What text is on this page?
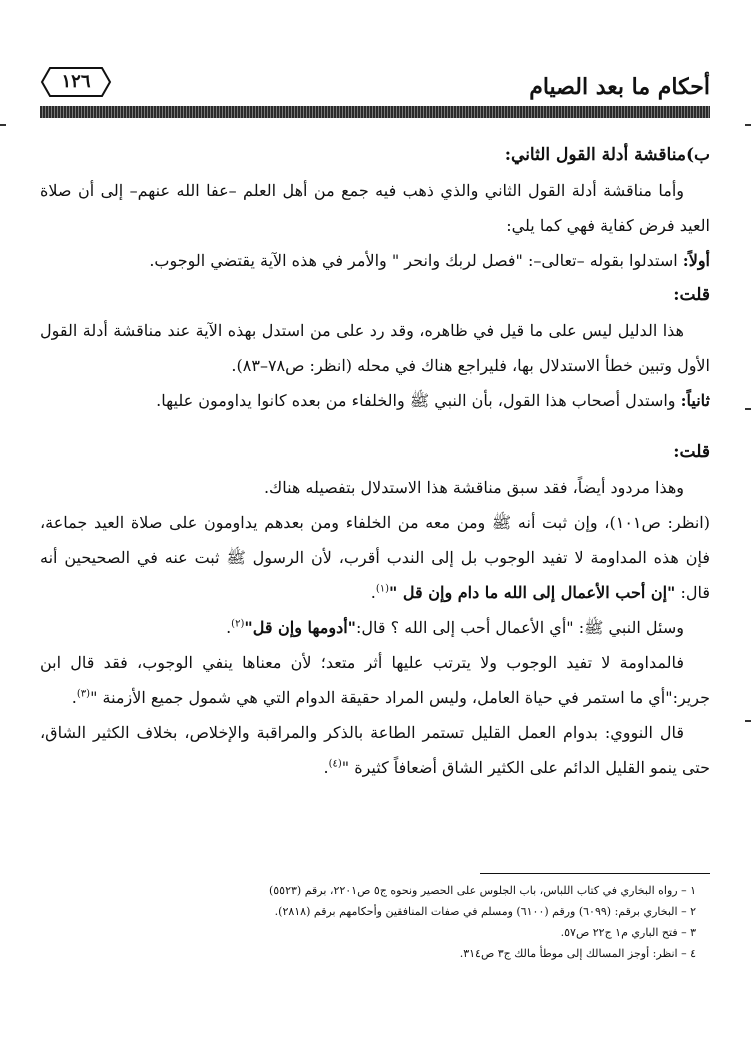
أحكام ما بعد الصيام
١٢٦

ب)مناقشة أدلة القول الثاني:

وأما مناقشة أدلة القول الثاني والذي ذهب فيه جمع من أهل العلم –عفا الله عنهم– إلى أن صلاة العيد فرض كفاية فهي كما يلي:

أولاً: استدلوا بقوله –تعالى–: "فصل لربك وانحر " والأمر في هذه الآية يقتضي الوجوب.

قلت:

هذا الدليل ليس على ما قيل في ظاهره، وقد رد على من استدل بهذه الآية عند مناقشة أدلة القول الأول وتبين خطأ الاستدلال بها، فليراجع هناك في محله (انظر: ص٧٨–٨٣).

ثانياً: واستدل أصحاب هذا القول، بأن النبي ﷺ والخلفاء من بعده كانوا يداومون عليها.

قلت:

وهذا مردود أيضاً، فقد سبق مناقشة هذا الاستدلال بتفصيله هناك.

(انظر: ص١٠١)، وإن ثبت أنه ﷺ ومن معه من الخلفاء ومن بعدهم يداومون على صلاة العيد جماعة، فإن هذه المداومة لا تفيد الوجوب بل إلى الندب أقرب، لأن الرسول ﷺ ثبت عنه في الصحيحين أنه قال: "إن أحب الأعمال إلى الله ما دام وإن قل "$^{(١)}$.

وسئل النبي ﷺ: "أي الأعمال أحب إلى الله ؟ قال:"أدومها وإن قل"$^{(٢)}$.

فالمداومة لا تفيد الوجوب ولا يترتب عليها أثر متعد؛ لأن معناها ينفي الوجوب، فقد قال ابن جرير:"أي ما استمر في حياة العامل، وليس المراد حقيقة الدوام التي هي شمول جميع الأزمنة "$^{(٣)}$.

قال النووي: بدوام العمل القليل تستمر الطاعة بالذكر والمراقبة والإخلاص، بخلاف الكثير الشاق، حتى ينمو القليل الدائم على الكثير الشاق أضعافاً كثيرة "$^{(٤)}$.

١ – رواه البخاري في كتاب اللباس، باب الجلوس على الحصير ونحوه ج٥ ص٢٢٠١، برقم (٥٥٢٣)

٢ – البخاري برقم: (٦٠٩٩) ورقم (٦١٠٠) ومسلم في صفات المنافقين وأحكامهم برقم (٢٨١٨).

٣ – فتح الباري م١ ج٢٢ ص٥٧.

٤ – انظر: أوجز المسالك إلى موطأ مالك ج٣ ص٣١٤.
